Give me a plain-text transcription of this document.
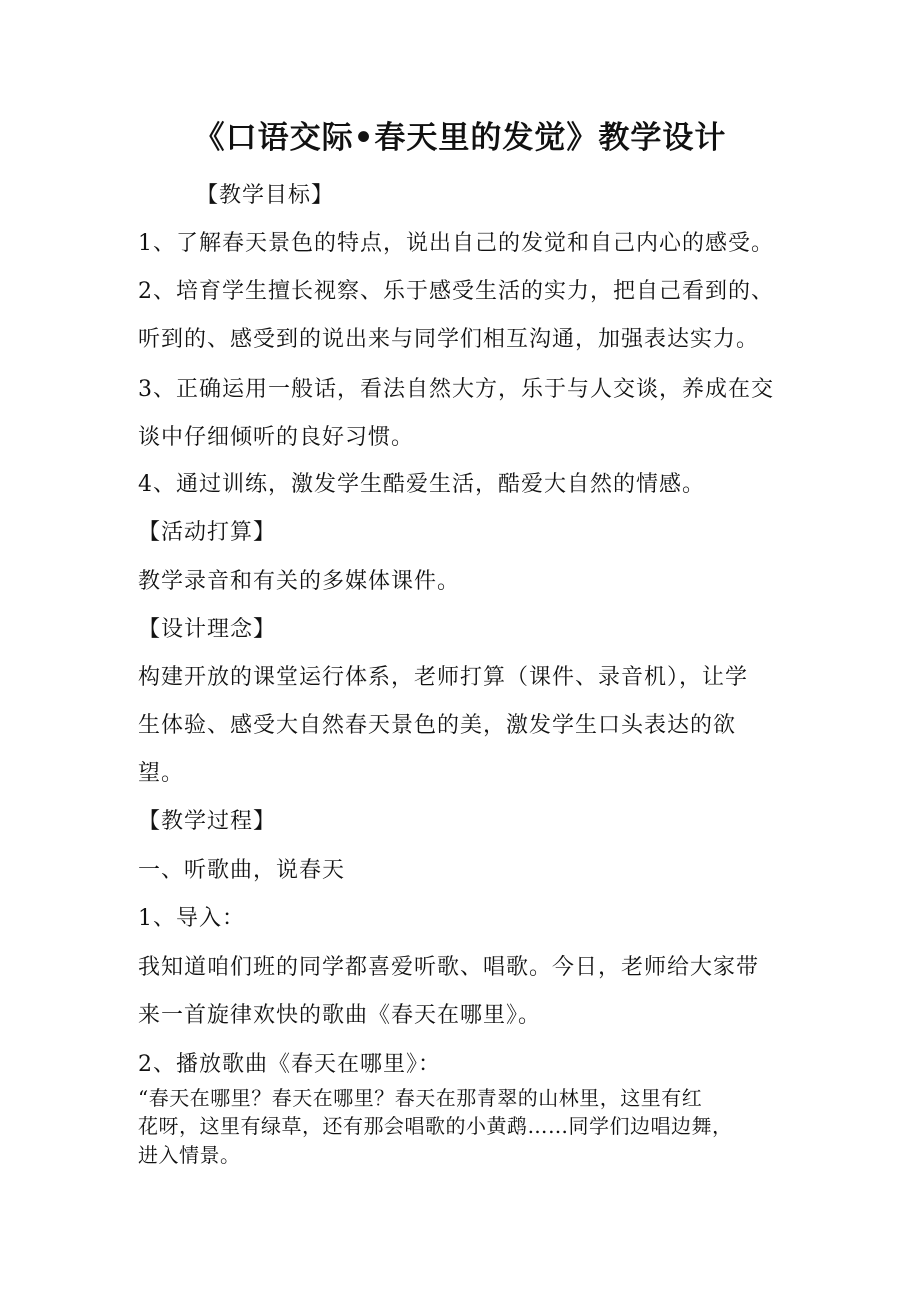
《口语交际•春天里的发觉》教学设计
【教学目标】
1、了解春天景色的特点，说出自己的发觉和自己内心的感受。
2、培育学生擅长视察、乐于感受生活的实力，把自己看到的、
听到的、感受到的说出来与同学们相互沟通，加强表达实力。
3、正确运用一般话，看法自然大方，乐于与人交谈，养成在交
谈中仔细倾听的良好习惯。
4、通过训练，激发学生酷爱生活，酷爱大自然的情感。
【活动打算】
教学录音和有关的多媒体课件。
【设计理念】
构建开放的课堂运行体系，老师打算（课件、录音机），让学
生体验、感受大自然春天景色的美，激发学生口头表达的欲
望。
【教学过程】
一、听歌曲，说春天
1、导入：
我知道咱们班的同学都喜爱听歌、唱歌。今日，老师给大家带
来一首旋律欢快的歌曲《春天在哪里》。
2、播放歌曲《春天在哪里》：
“春天在哪里？春天在哪里？春天在那青翠的山林里，这里有红
花呀，这里有绿草，还有那会唱歌的小黄鹉……同学们边唱边舞，
进入情景。
